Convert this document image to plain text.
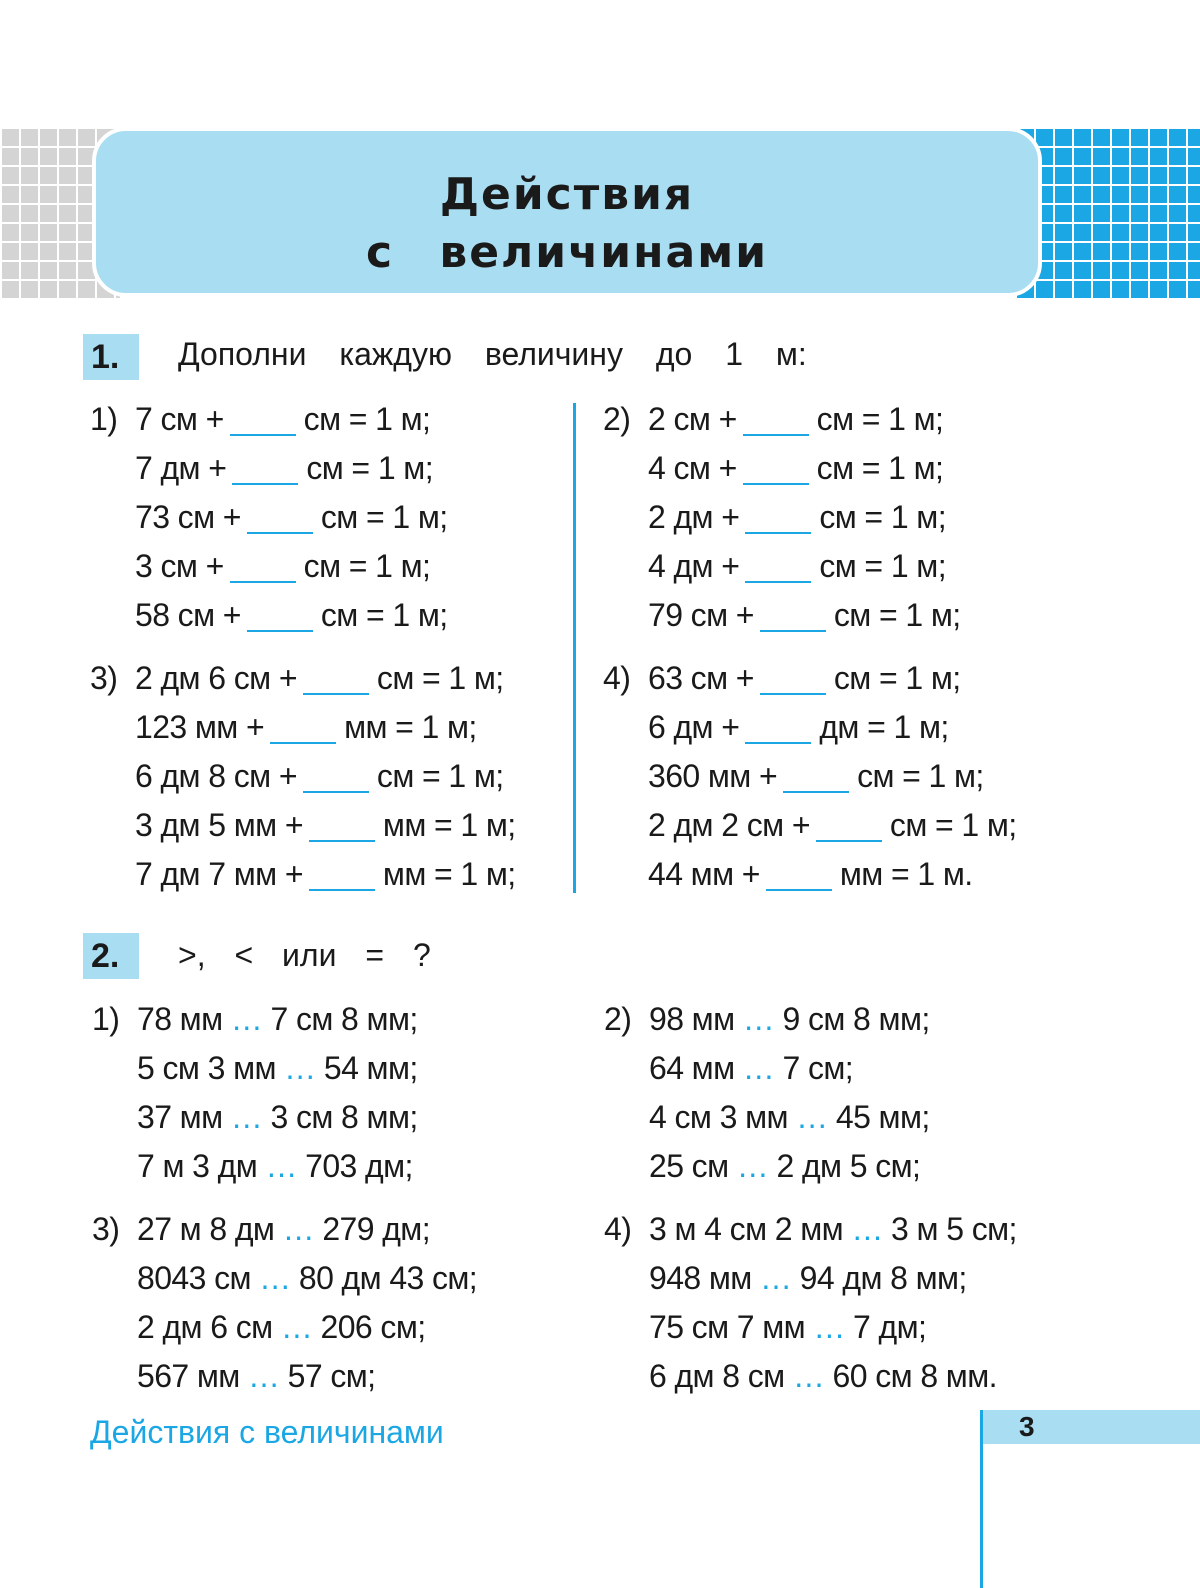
Действия
с величинами
1.	Дополни каждую величину до 1 м:
1) 7 см +	см = 1 м;
7 дм +	см = 1 м;
73 см +	см = 1 м;
3 см +	см = 1 м;
58 см +	см = 1 м;
2) 2 см +	см = 1 м;
4 см +	см = 1 м;
2 дм +	см = 1 м;
4 дм +	см = 1 м;
79 см +	см = 1 м;
3) 2 дм 6 см +	см = 1 м;
123 мм +	мм = 1 м;
6 дм 8 см +	см = 1 м;
3 дм 5 мм +	мм = 1 м;
7 дм 7 мм +	мм = 1 м;
4) 63 см +	см = 1 м;
6 дм +	дм = 1 м;
360 мм +	см = 1 м;
2 дм 2 см +	см = 1 м;
44 мм +	мм = 1 м.
2.	>, < или = ?
1) 78 мм … 7 см 8 мм;
5 см 3 мм … 54 мм;
37 мм … 3 см 8 мм;
7 м 3 дм … 703 дм;
2) 98 мм … 9 см 8 мм;
64 мм … 7 см;
4 см 3 мм … 45 мм;
25 см … 2 дм 5 см;
3) 27 м 8 дм … 279 дм;
8043 см … 80 дм 43 см;
2 дм 6 см … 206 см;
567 мм … 57 см;
4) 3 м 4 см 2 мм … 3 м 5 см;
948 мм … 94 дм 8 мм;
75 см 7 мм … 7 дм;
6 дм 8 см … 60 см 8 мм.
Действия с величинами	3
